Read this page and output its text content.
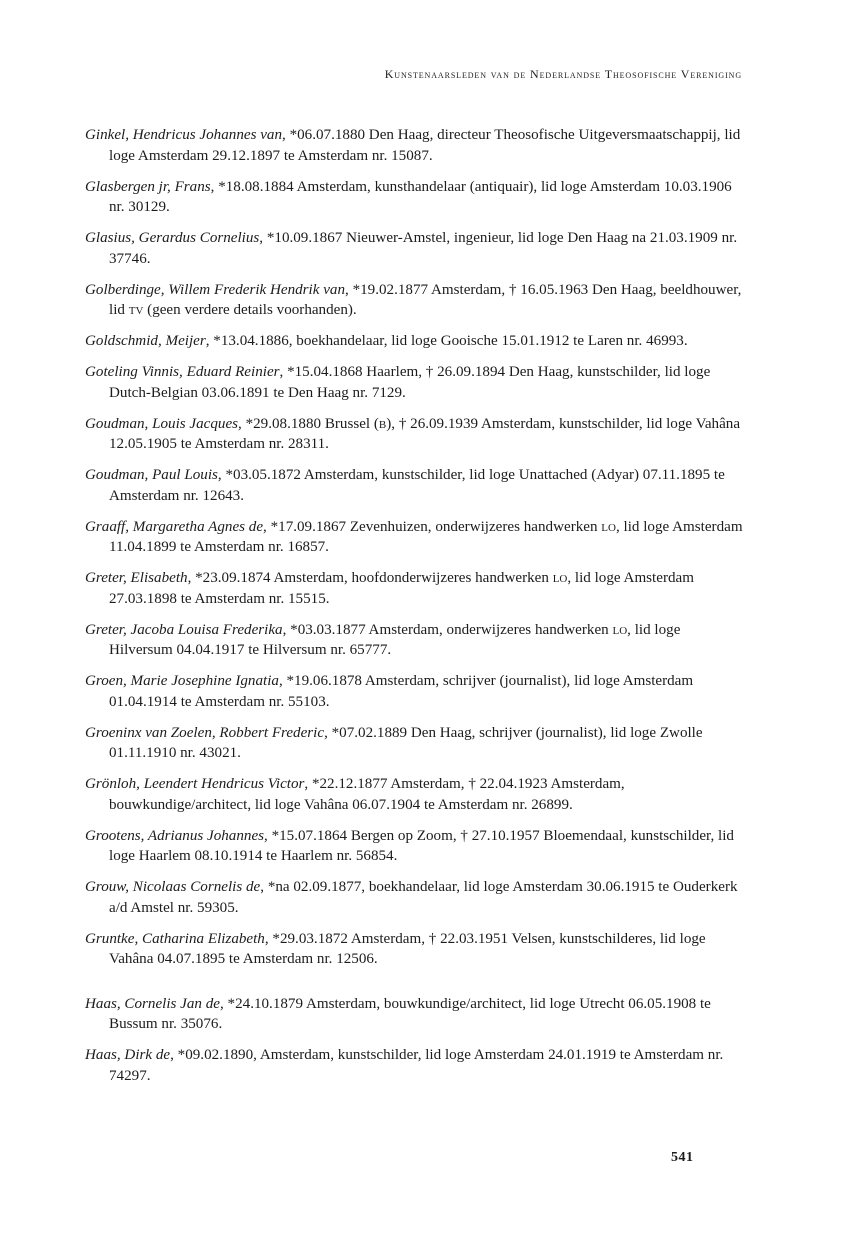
Kunstenaarsleden van de Nederlandse Theosofische Vereniging

Ginkel, Hendricus Johannes van, *06.07.1880 Den Haag, directeur Theosofische Uitgeversmaatschappij, lid loge Amsterdam 29.12.1897 te Amsterdam nr. 15087.

Glasbergen jr, Frans, *18.08.1884 Amsterdam, kunsthandelaar (antiquair), lid loge Amsterdam 10.03.1906 nr. 30129.

Glasius, Gerardus Cornelius, *10.09.1867 Nieuwer-Amstel, ingenieur, lid loge Den Haag na 21.03.1909 nr. 37746.

Golberdinge, Willem Frederik Hendrik van, *19.02.1877 Amsterdam, † 16.05.1963 Den Haag, beeldhouwer, lid tv (geen verdere details voorhanden).

Goldschmid, Meijer, *13.04.1886, boekhandelaar, lid loge Gooische 15.01.1912 te Laren nr. 46993.

Goteling Vinnis, Eduard Reinier, *15.04.1868 Haarlem, † 26.09.1894 Den Haag, kunstschilder, lid loge Dutch-Belgian 03.06.1891 te Den Haag nr. 7129.

Goudman, Louis Jacques, *29.08.1880 Brussel (b), † 26.09.1939 Amsterdam, kunstschilder, lid loge Vahâna 12.05.1905 te Amsterdam nr. 28311.

Goudman, Paul Louis, *03.05.1872 Amsterdam, kunstschilder, lid loge Unattached (Adyar) 07.11.1895 te Amsterdam nr. 12643.

Graaff, Margaretha Agnes de, *17.09.1867 Zevenhuizen, onderwijzeres handwerken lo, lid loge Amsterdam 11.04.1899 te Amsterdam nr. 16857.

Greter, Elisabeth, *23.09.1874 Amsterdam, hoofdonderwijzeres handwerken lo, lid loge Amsterdam 27.03.1898 te Amsterdam nr. 15515.

Greter, Jacoba Louisa Frederika, *03.03.1877 Amsterdam, onderwijzeres handwerken lo, lid loge Hilversum 04.04.1917 te Hilversum nr. 65777.

Groen, Marie Josephine Ignatia, *19.06.1878 Amsterdam, schrijver (journalist), lid loge Amsterdam 01.04.1914 te Amsterdam nr. 55103.

Groeninx van Zoelen, Robbert Frederic, *07.02.1889 Den Haag, schrijver (journalist), lid loge Zwolle 01.11.1910 nr. 43021.

Grönloh, Leendert Hendricus Victor, *22.12.1877 Amsterdam, † 22.04.1923 Amsterdam, bouwkundige/architect, lid loge Vahâna 06.07.1904 te Amsterdam nr. 26899.

Grootens, Adrianus Johannes, *15.07.1864 Bergen op Zoom, † 27.10.1957 Bloemendaal, kunstschilder, lid loge Haarlem 08.10.1914 te Haarlem nr. 56854.

Grouw, Nicolaas Cornelis de, *na 02.09.1877, boekhandelaar, lid loge Amsterdam 30.06.1915 te Ouderkerk a/d Amstel nr. 59305.

Gruntke, Catharina Elizabeth, *29.03.1872 Amsterdam, † 22.03.1951 Velsen, kunstschilderes, lid loge Vahâna 04.07.1895 te Amsterdam nr. 12506.

Haas, Cornelis Jan de, *24.10.1879 Amsterdam, bouwkundige/architect, lid loge Utrecht 06.05.1908 te Bussum nr. 35076.

Haas, Dirk de, *09.02.1890, Amsterdam, kunstschilder, lid loge Amsterdam 24.01.1919 te Amsterdam nr. 74297.

541
